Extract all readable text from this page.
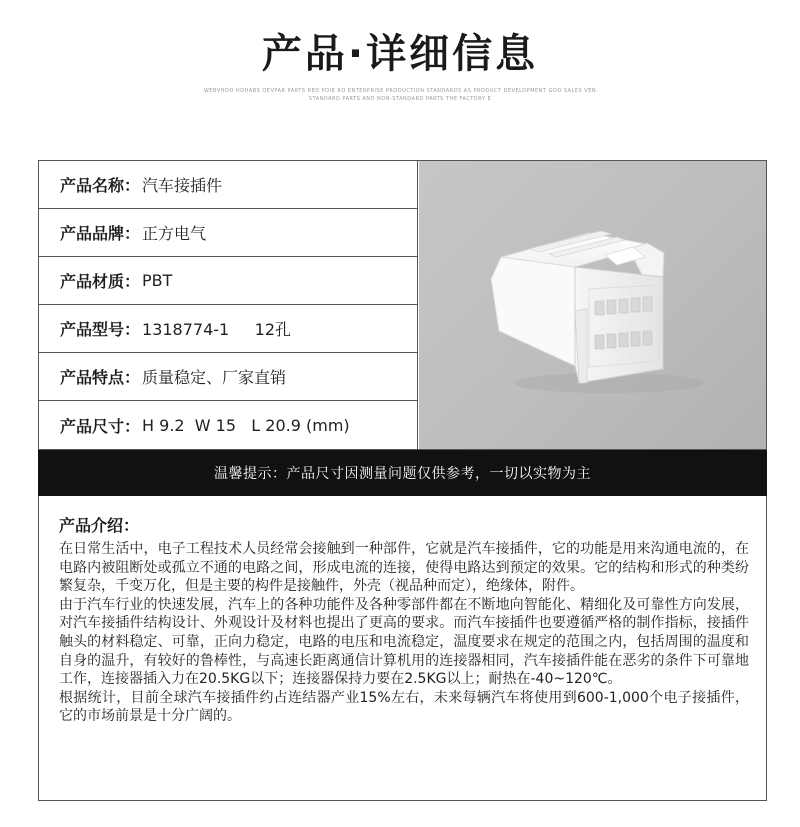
产品·详细信息
WEBVHOO HOHABS OEVPAR PARTS RED POIE RO ENTERPRISE PRODUCTION STANDARDS AS PRODUCT DEVELOPMENT GOO SALES VEN
STANDARD PARTS AND NON-STANDARD PARTS THE FACTORY E
产品名称： 汽车接插件
产品品牌： 正方电气
产品材质： PBT
产品型号： 1318774-1     12孔
产品特点： 质量稳定、厂家直销
产品尺寸： H 9.2  W 15   L 20.9 (mm)
温馨提示：产品尺寸因测量问题仅供参考，一切以实物为主
产品介绍：

在日常生活中，电子工程技术人员经常会接触到一种部件，它就是汽车接插件，它的功能是用来沟通电流的，在电路内被阻断处或孤立不通的电路之间，形成电流的连接，使得电路达到预定的效果。它的结构和形式的种类纷繁复杂，千变万化，但是主要的构件是接触件，外壳（视品种而定），绝缘体，附件。

由于汽车行业的快速发展，汽车上的各种功能件及各种零部件都在不断地向智能化、精细化及可靠性方向发展，对汽车接插件结构设计、外观设计及材料也提出了更高的要求。而汽车接插件也要遵循严格的制作指标，接插件触头的材料稳定、可靠，正向力稳定，电路的电压和电流稳定，温度要求在规定的范围之内，包括周围的温度和自身的温升，有较好的鲁棒性，与高速长距离通信计算机用的连接器相同，汽车接插件能在恶劣的条件下可靠地工作，连接器插入力在20.5KG以下；连接器保持力要在2.5KG以上；耐热在-40~120℃。

根据统计，目前全球汽车接插件约占连结器产业15%左右，未来每辆汽车将使用到600-1,000个电子接插件，它的市场前景是十分广阔的。
